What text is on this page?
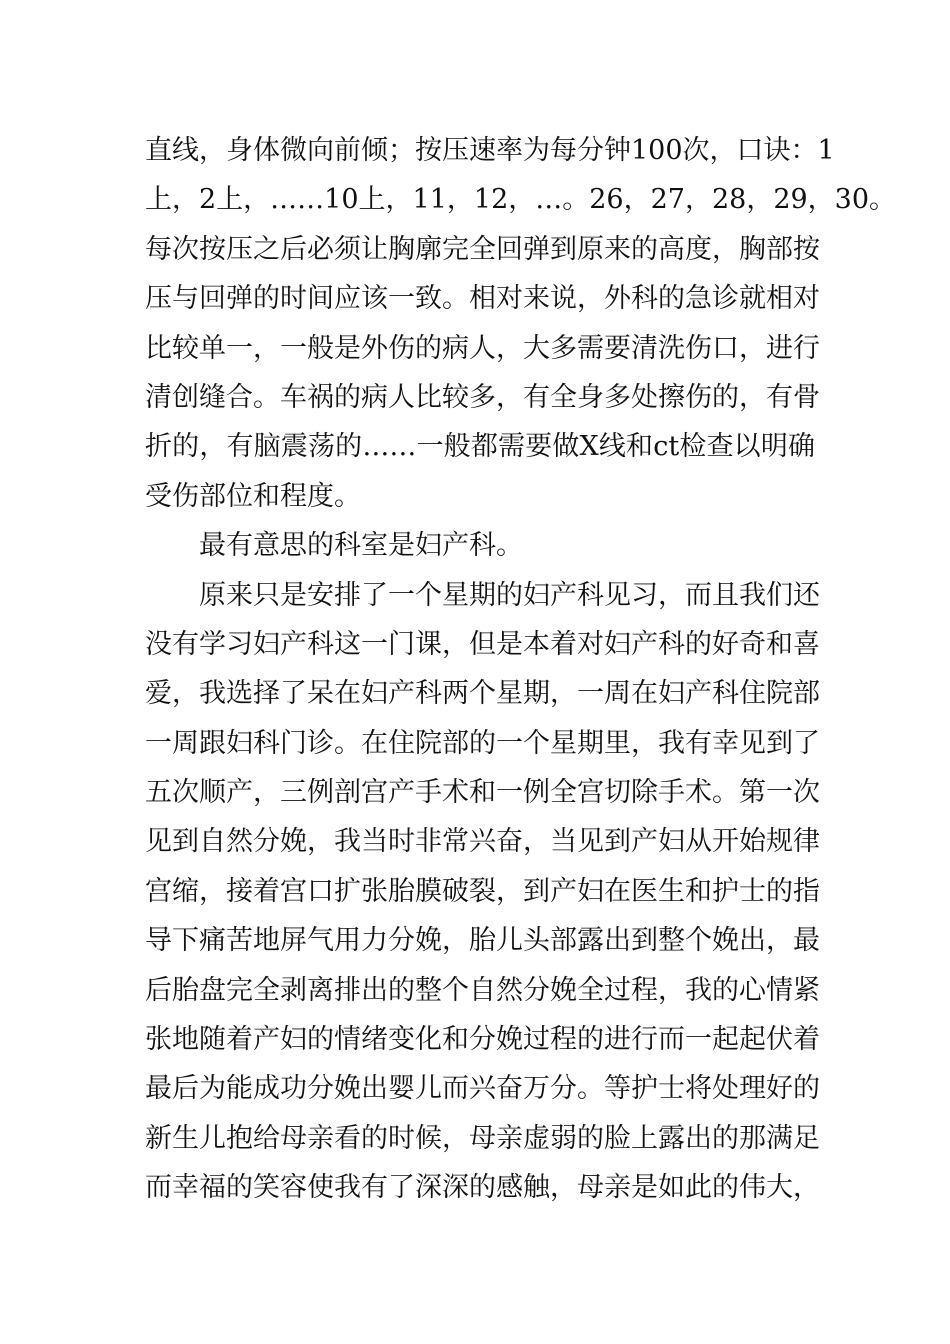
直线，身体微向前倾；按压速率为每分钟100次，口诀：1
上，2上，……10上，11，12，…。26，27，28，29，30。
每次按压之后必须让胸廓完全回弹到原来的高度，胸部按
压与回弹的时间应该一致。相对来说，外科的急诊就相对
比较单一，一般是外伤的病人，大多需要清洗伤口，进行
清创缝合。车祸的病人比较多，有全身多处擦伤的，有骨
折的，有脑震荡的……一般都需要做X线和ct检查以明确
受伤部位和程度。
最有意思的科室是妇产科。
原来只是安排了一个星期的妇产科见习，而且我们还
没有学习妇产科这一门课，但是本着对妇产科的好奇和喜
爱，我选择了呆在妇产科两个星期，一周在妇产科住院部
一周跟妇科门诊。在住院部的一个星期里，我有幸见到了
五次顺产，三例剖宫产手术和一例全宫切除手术。第一次
见到自然分娩，我当时非常兴奋，当见到产妇从开始规律
宫缩，接着宫口扩张胎膜破裂，到产妇在医生和护士的指
导下痛苦地屏气用力分娩，胎儿头部露出到整个娩出，最
后胎盘完全剥离排出的整个自然分娩全过程，我的心情紧
张地随着产妇的情绪变化和分娩过程的进行而一起起伏着
最后为能成功分娩出婴儿而兴奋万分。等护士将处理好的
新生儿抱给母亲看的时候，母亲虚弱的脸上露出的那满足
而幸福的笑容使我有了深深的感触，母亲是如此的伟大，
